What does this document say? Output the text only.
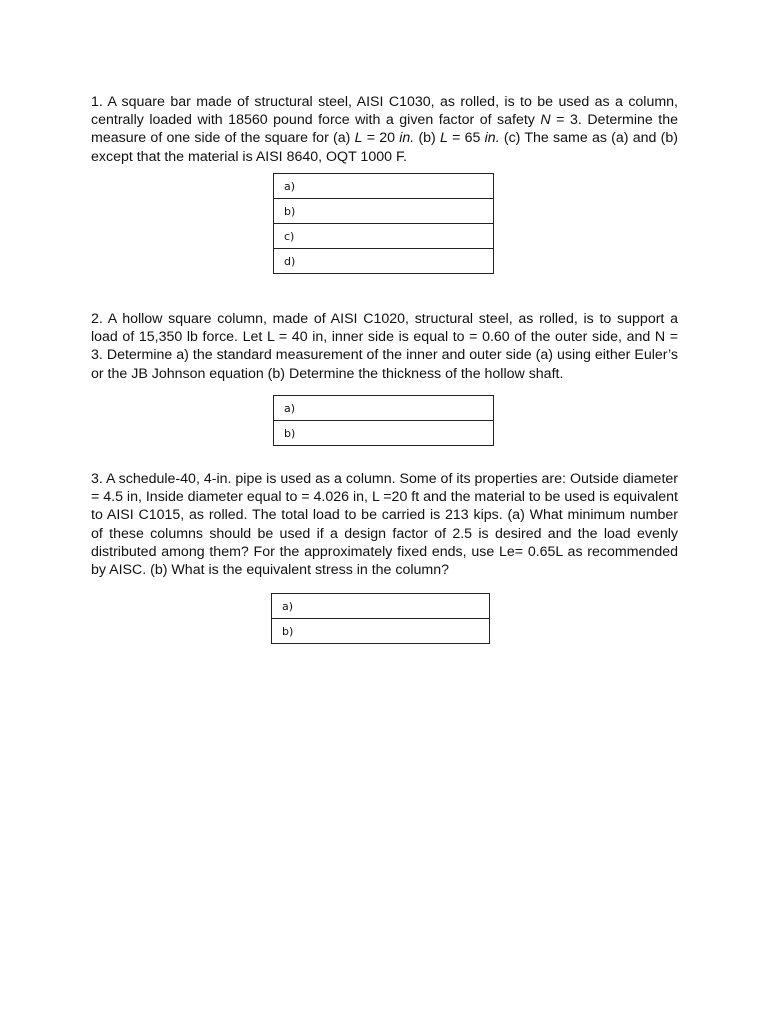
1. A square bar made of structural steel, AISI C1030, as rolled, is to be used as a column, centrally loaded with 18560 pound force with a given factor of safety N = 3. Determine the measure of one side of the square for (a) L = 20 in. (b) L = 65 in. (c) The same as (a) and (b) except that the material is AISI 8640, OQT 1000 F.

a)
b)
c)
d)

2. A hollow square column, made of AISI C1020, structural steel, as rolled, is to support a load of 15,350 lb force. Let L = 40 in, inner side is equal to = 0.60 of the outer side, and N = 3. Determine a) the standard measurement of the inner and outer side (a) using either Euler’s or the JB Johnson equation (b) Determine the thickness of the hollow shaft.

a)
b)

3. A schedule-40, 4-in. pipe is used as a column. Some of its properties are: Outside diameter = 4.5 in, Inside diameter equal to = 4.026 in, L =20 ft and the material to be used is equivalent to AISI C1015, as rolled. The total load to be carried is 213 kips. (a) What minimum number of these columns should be used if a design factor of 2.5 is desired and the load evenly distributed among them? For the approximately fixed ends, use Le= 0.65L as recommended by AISC. (b) What is the equivalent stress in the column?

a)
b)
